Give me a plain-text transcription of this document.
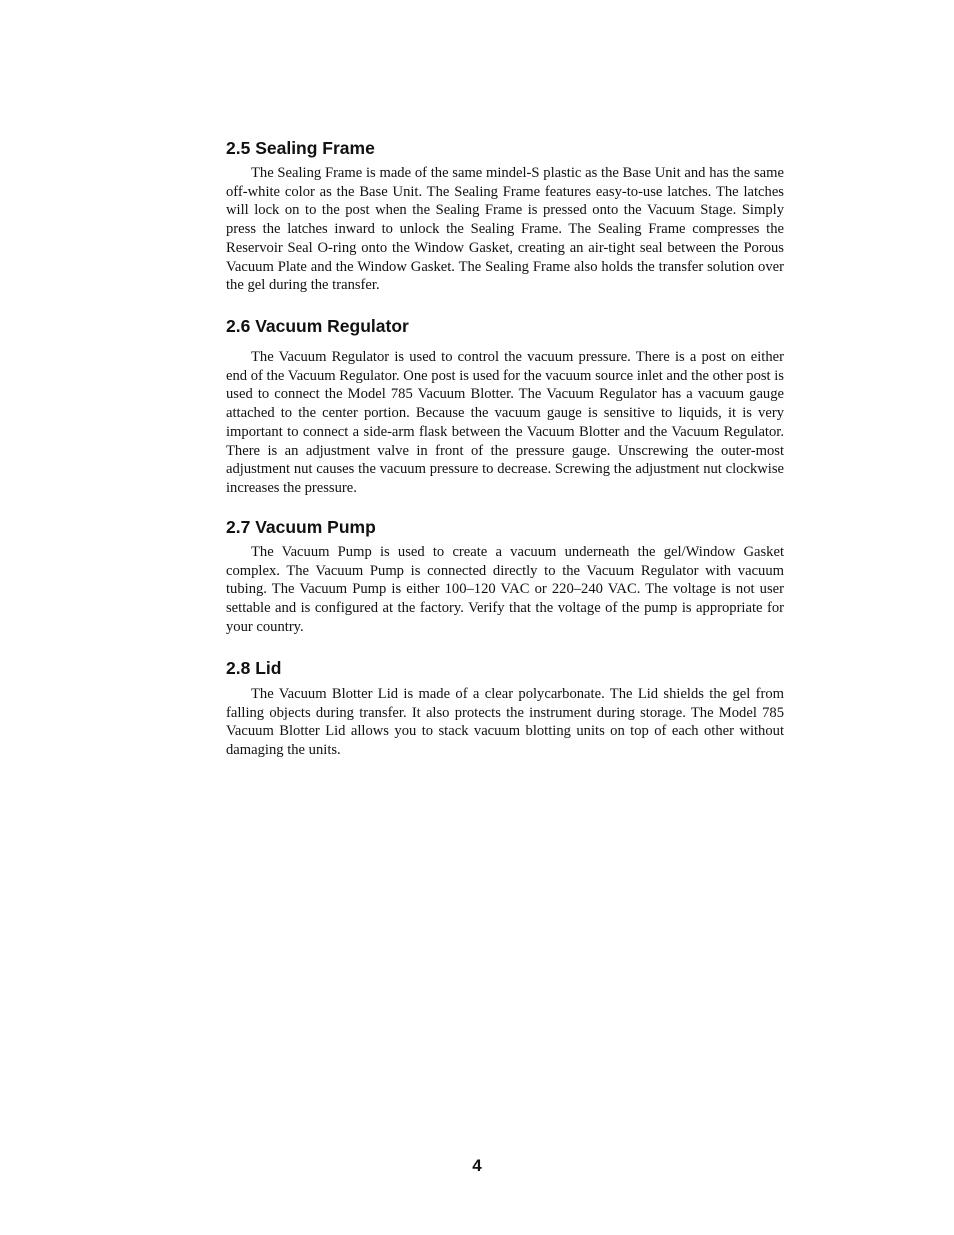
2.5 Sealing Frame

The Sealing Frame is made of the same mindel-S plastic as the Base Unit and has the same off-white color as the Base Unit. The Sealing Frame features easy-to-use latches. The latches will lock on to the post when the Sealing Frame is pressed onto the Vacuum Stage. Simply press the latches inward to unlock the Sealing Frame. The Sealing Frame compresses the Reservoir Seal O-ring onto the Window Gasket, creating an air-tight seal between the Porous Vacuum Plate and the Window Gasket. The Sealing Frame also holds the transfer solution over the gel during the transfer.

2.6 Vacuum Regulator

The Vacuum Regulator is used to control the vacuum pressure. There is a post on either end of the Vacuum Regulator. One post is used for the vacuum source inlet and the other post is used to connect the Model 785 Vacuum Blotter. The Vacuum Regulator has a vacuum gauge attached to the center portion. Because the vacuum gauge is sensitive to liquids, it is very important to connect a side-arm flask between the Vacuum Blotter and the Vacuum Regulator. There is an adjustment valve in front of the pressure gauge. Unscrewing the outer-most adjustment nut causes the vacuum pressure to decrease. Screwing the adjustment nut clockwise increases the pressure.

2.7 Vacuum Pump

The Vacuum Pump is used to create a vacuum underneath the gel/Window Gasket complex. The Vacuum Pump is connected directly to the Vacuum Regulator with vacuum tubing. The Vacuum Pump is either 100–120 VAC or 220–240 VAC. The voltage is not user settable and is configured at the factory. Verify that the voltage of the pump is appropriate for your country.

2.8 Lid

The Vacuum Blotter Lid is made of a clear polycarbonate. The Lid shields the gel from falling objects during transfer. It also protects the instrument during storage. The Model 785 Vacuum Blotter Lid allows you to stack vacuum blotting units on top of each other without damaging the units.

4
